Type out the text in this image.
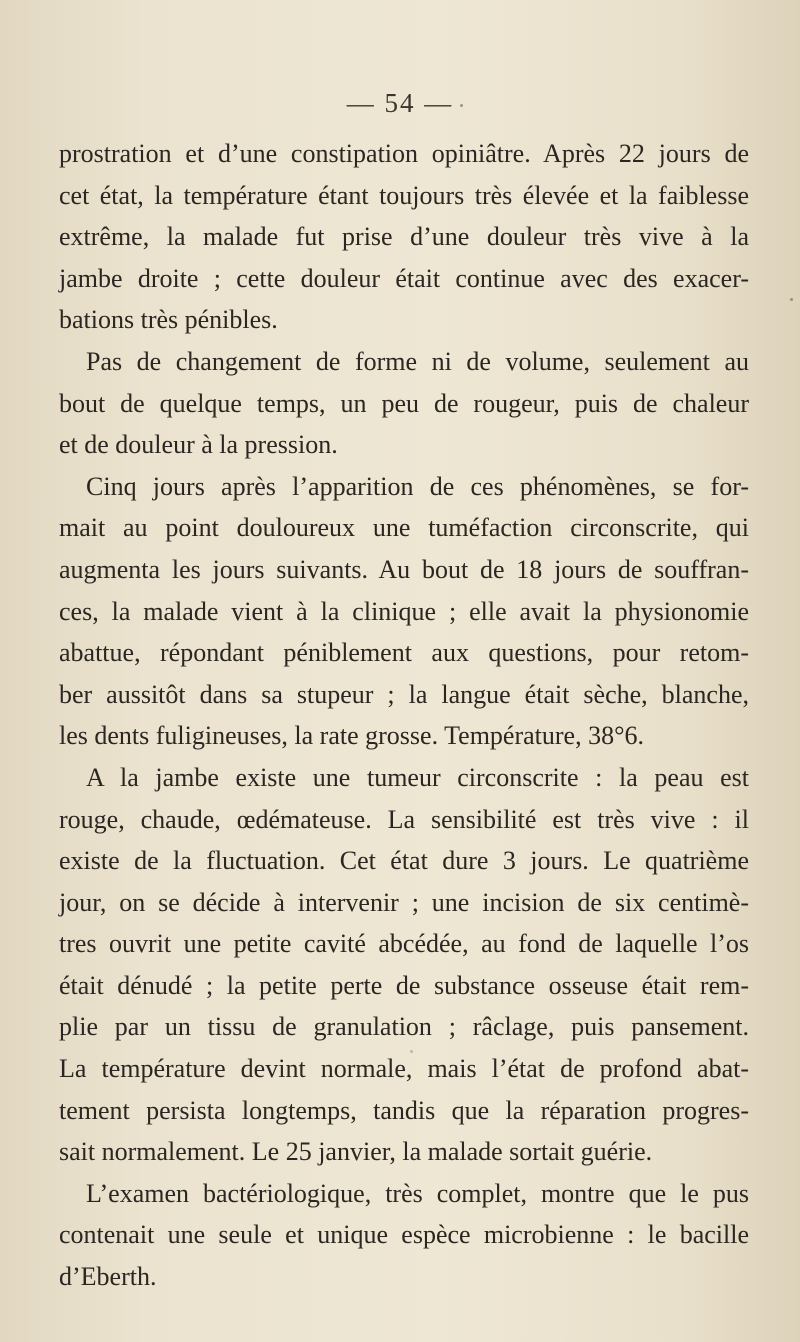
— 54 —
prostration et d’une constipation opiniâtre. Après 22 jours de
cet état, la température étant toujours très élevée et la faiblesse
extrême, la malade fut prise d’une douleur très vive à la
jambe droite ; cette douleur était continue avec des exacer-
bations très pénibles.
Pas de changement de forme ni de volume, seulement au
bout de quelque temps, un peu de rougeur, puis de chaleur
et de douleur à la pression.
Cinq jours après l’apparition de ces phénomènes, se for-
mait au point douloureux une tuméfaction circonscrite, qui
augmenta les jours suivants. Au bout de 18 jours de souffran-
ces, la malade vient à la clinique ; elle avait la physionomie
abattue, répondant péniblement aux questions, pour retom-
ber aussitôt dans sa stupeur ; la langue était sèche, blanche,
les dents fuligineuses, la rate grosse. Température, 38°6.
A la jambe existe une tumeur circonscrite : la peau est
rouge, chaude, œdémateuse. La sensibilité est très vive : il
existe de la fluctuation. Cet état dure 3 jours. Le quatrième
jour, on se décide à intervenir ; une incision de six centimè-
tres ouvrit une petite cavité abcédée, au fond de laquelle l’os
était dénudé ; la petite perte de substance osseuse était rem-
plie par un tissu de granulation ; râclage, puis pansement.
La température devint normale, mais l’état de profond abat-
tement persista longtemps, tandis que la réparation progres-
sait normalement. Le 25 janvier, la malade sortait guérie.
L’examen bactériologique, très complet, montre que le pus
contenait une seule et unique espèce microbienne : le bacille
d’Eberth.
